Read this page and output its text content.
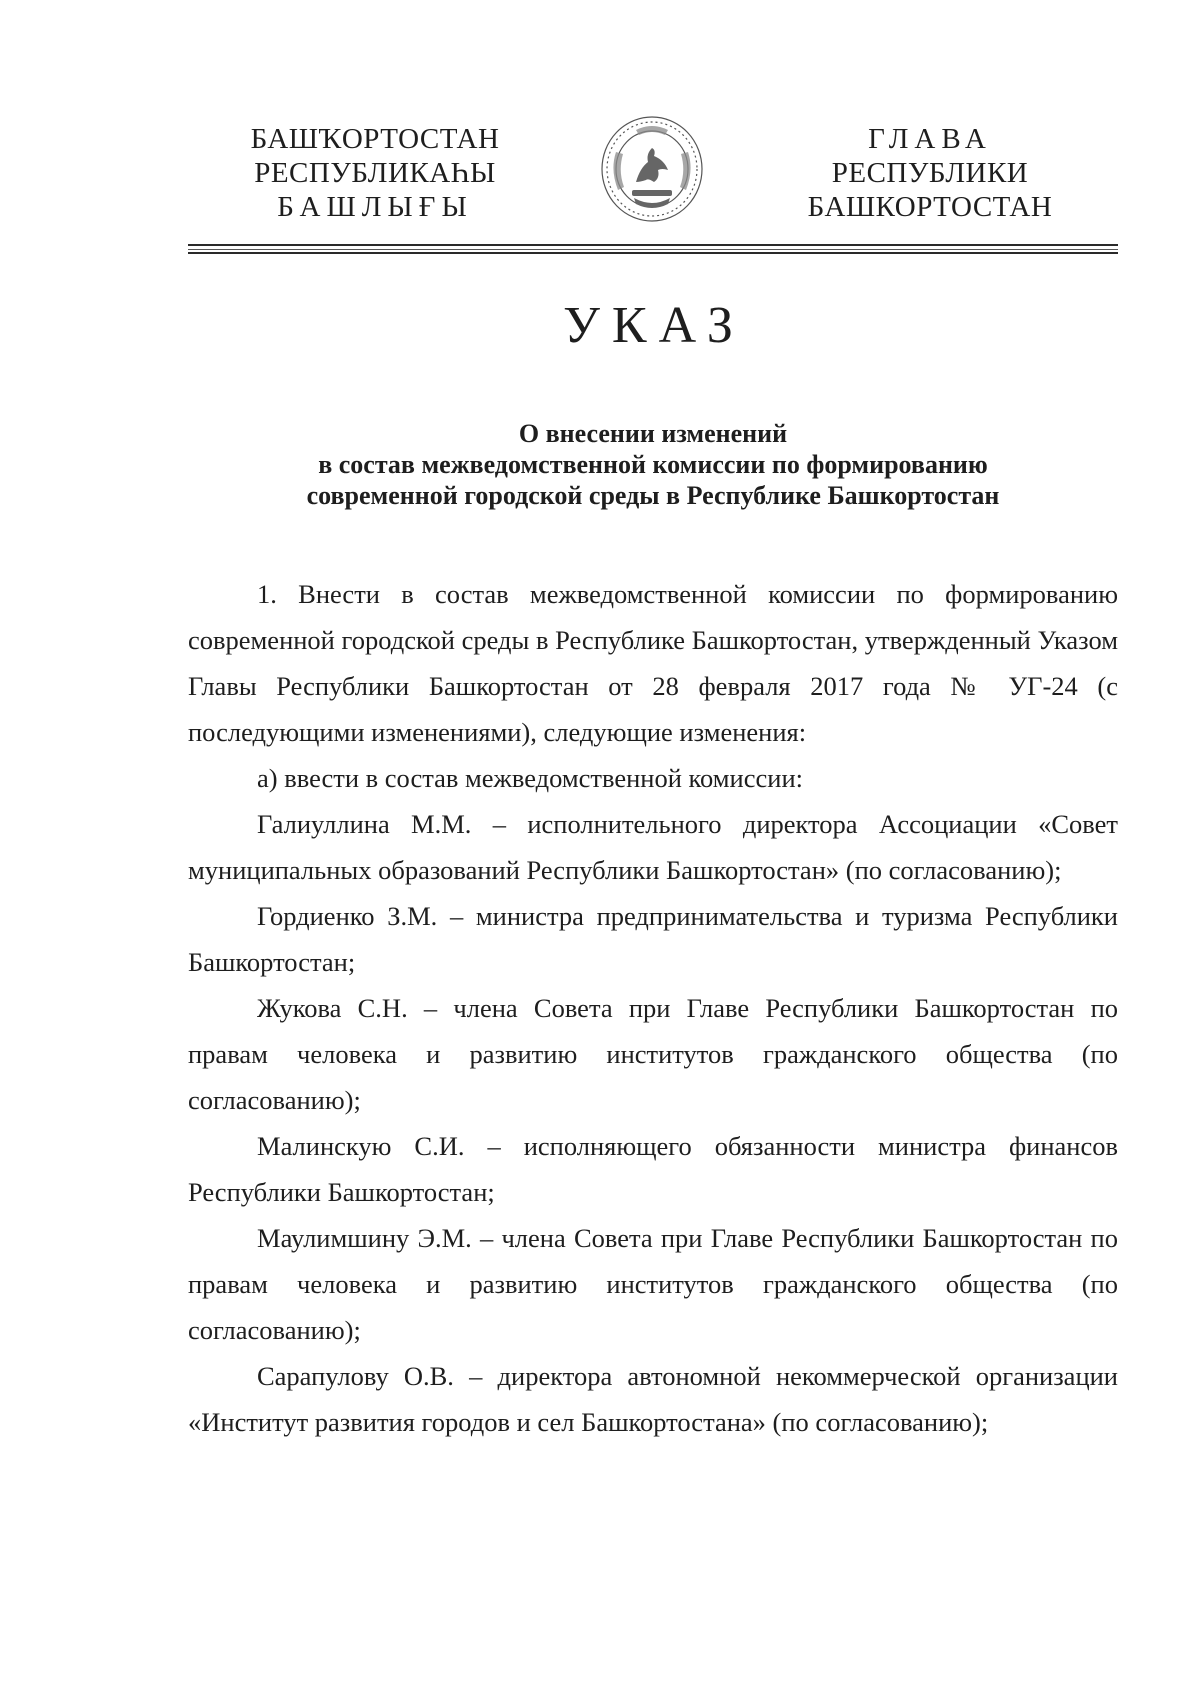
БАШҠОРТОСТАН
РЕСПУБЛИКАҺЫ
БАШЛЫҒЫ
ГЛАВА
РЕСПУБЛИКИ
БАШКОРТОСТАН
УКАЗ
О внесении изменений
в состав межведомственной комиссии по формированию
современной городской среды в Республике Башкортостан

1. Внести в состав межведомственной комиссии по формированию современной городской среды в Республике Башкортостан, утвержденный Указом Главы Республики Башкортостан от 28 февраля 2017 года № УГ-24 (с последующими изменениями), следующие изменения:

а) ввести в состав межведомственной комиссии:

Галиуллина М.М. – исполнительного директора Ассоциации «Совет муниципальных образований Республики Башкортостан» (по согласованию);

Гордиенко З.М. – министра предпринимательства и туризма Республики Башкортостан;

Жукова С.Н. – члена Совета при Главе Республики Башкортостан по правам человека и развитию институтов гражданского общества (по согласованию);

Малинскую С.И. – исполняющего обязанности министра финансов Республики Башкортостан;

Маулимшину Э.М. – члена Совета при Главе Республики Башкортостан по правам человека и развитию институтов гражданского общества (по согласованию);

Сарапулову О.В. – директора автономной некоммерческой организации «Институт развития городов и сел Башкортостана» (по согласованию);
